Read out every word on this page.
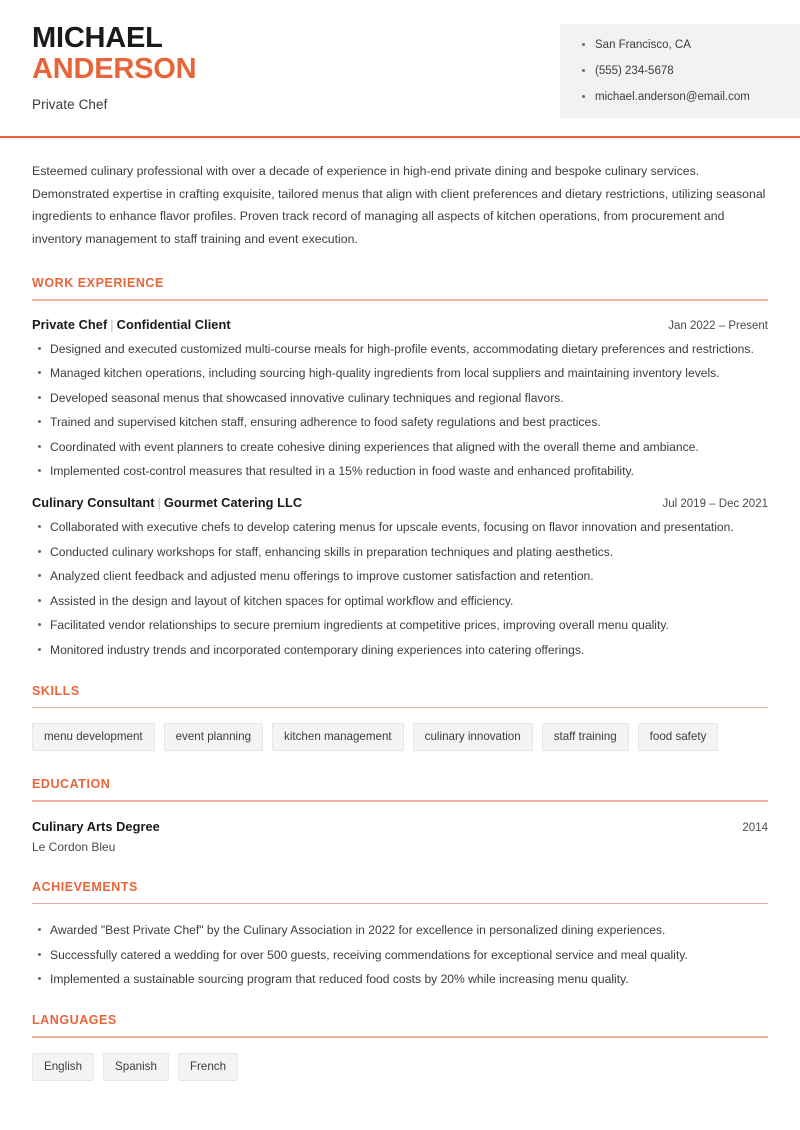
MICHAEL
ANDERSON
Private Chef
San Francisco, CA
(555) 234-5678
michael.anderson@email.com

Esteemed culinary professional with over a decade of experience in high-end private dining and bespoke culinary services. Demonstrated expertise in crafting exquisite, tailored menus that align with client preferences and dietary restrictions, utilizing seasonal ingredients to enhance flavor profiles. Proven track record of managing all aspects of kitchen operations, from procurement and inventory management to staff training and event execution.

WORK EXPERIENCE
Private Chef | Confidential Client	Jan 2022 – Present
Designed and executed customized multi-course meals for high-profile events, accommodating dietary preferences and restrictions.
Managed kitchen operations, including sourcing high-quality ingredients from local suppliers and maintaining inventory levels.
Developed seasonal menus that showcased innovative culinary techniques and regional flavors.
Trained and supervised kitchen staff, ensuring adherence to food safety regulations and best practices.
Coordinated with event planners to create cohesive dining experiences that aligned with the overall theme and ambiance.
Implemented cost-control measures that resulted in a 15% reduction in food waste and enhanced profitability.
Culinary Consultant | Gourmet Catering LLC	Jul 2019 – Dec 2021
Collaborated with executive chefs to develop catering menus for upscale events, focusing on flavor innovation and presentation.
Conducted culinary workshops for staff, enhancing skills in preparation techniques and plating aesthetics.
Analyzed client feedback and adjusted menu offerings to improve customer satisfaction and retention.
Assisted in the design and layout of kitchen spaces for optimal workflow and efficiency.
Facilitated vendor relationships to secure premium ingredients at competitive prices, improving overall menu quality.
Monitored industry trends and incorporated contemporary dining experiences into catering offerings.
SKILLS
menu development	event planning	kitchen management	culinary innovation	staff training	food safety
EDUCATION
Culinary Arts Degree	2014
Le Cordon Bleu
ACHIEVEMENTS
Awarded "Best Private Chef" by the Culinary Association in 2022 for excellence in personalized dining experiences.
Successfully catered a wedding for over 500 guests, receiving commendations for exceptional service and meal quality.
Implemented a sustainable sourcing program that reduced food costs by 20% while increasing menu quality.
LANGUAGES
English	Spanish	French
